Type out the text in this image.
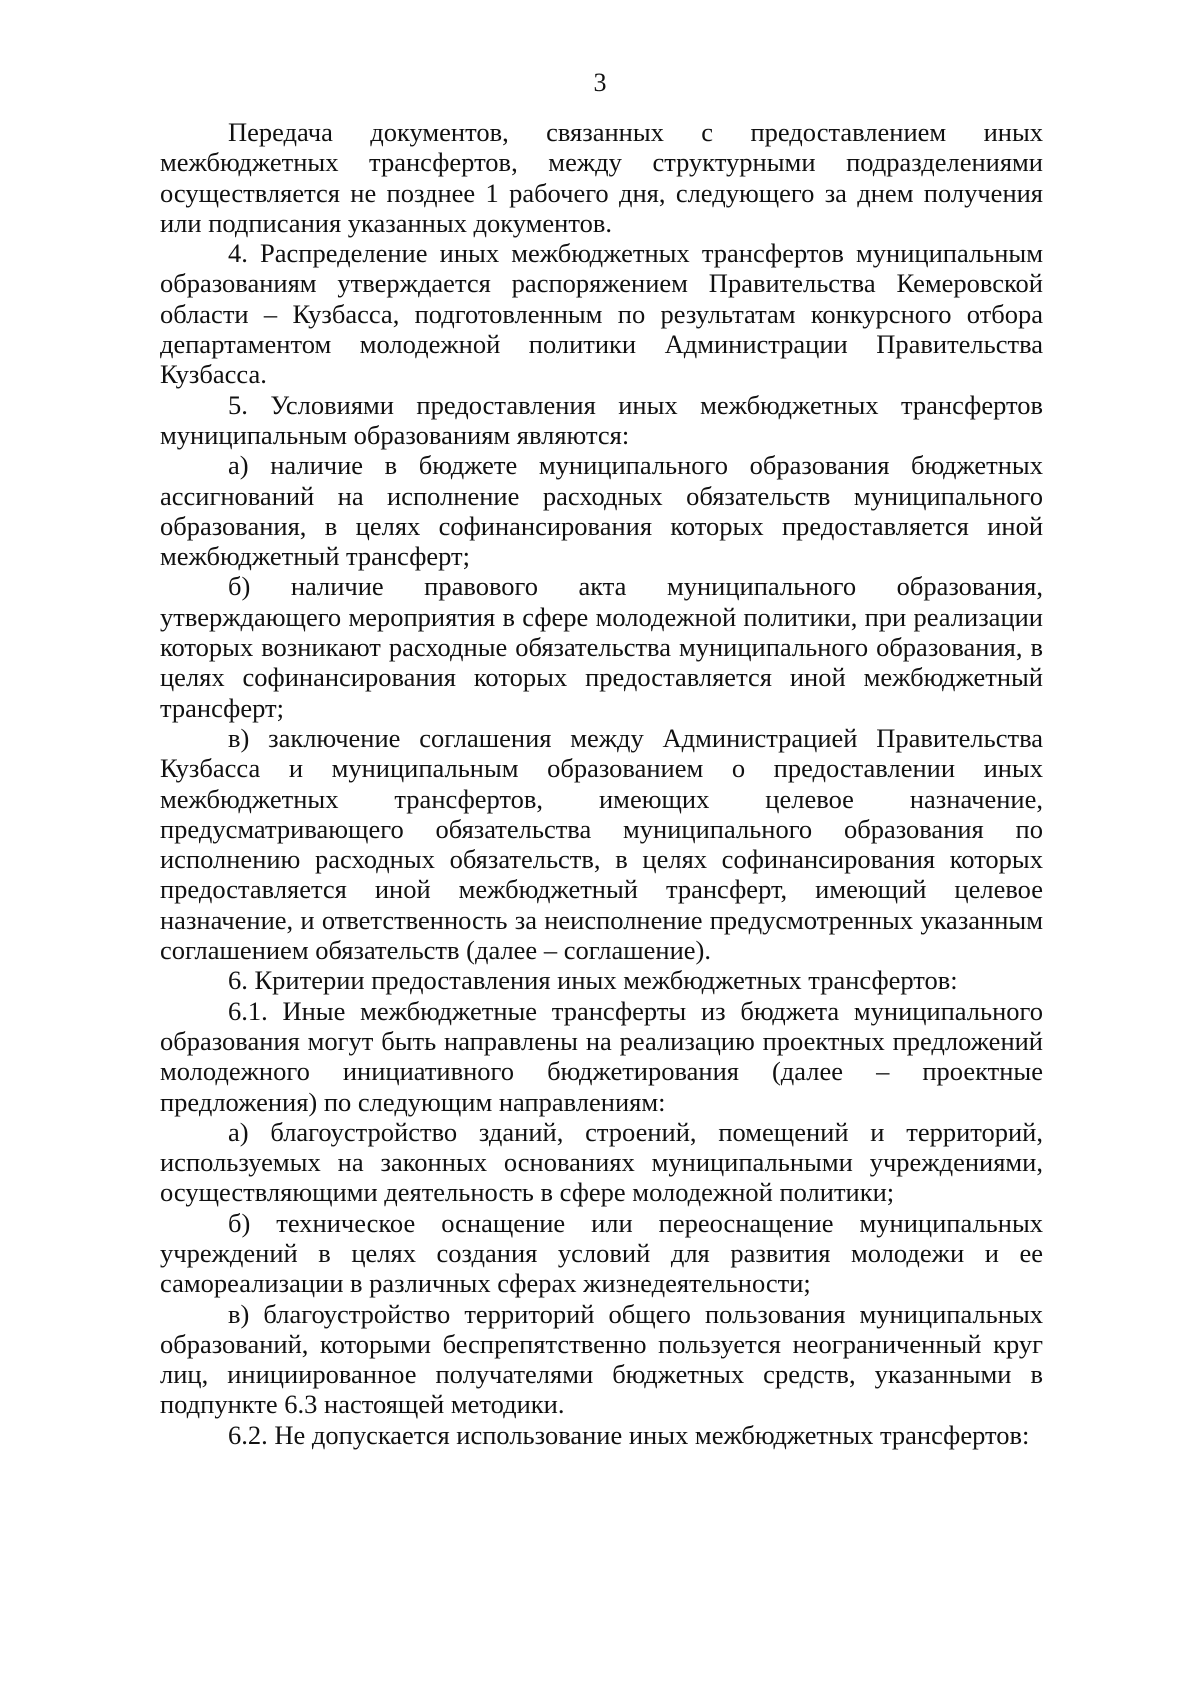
3

Передача документов, связанных с предоставлением иных межбюджетных трансфертов, между структурными подразделениями осуществляется не позднее 1 рабочего дня, следующего за днем получения или подписания указанных документов.

4. Распределение иных межбюджетных трансфертов муниципальным образованиям утверждается распоряжением Правительства Кемеровской области – Кузбасса, подготовленным по результатам конкурсного отбора департаментом молодежной политики Администрации Правительства Кузбасса.

5. Условиями предоставления иных межбюджетных трансфертов муниципальным образованиям являются:

а) наличие в бюджете муниципального образования бюджетных ассигнований на исполнение расходных обязательств муниципального образования, в целях софинансирования которых предоставляется иной межбюджетный трансферт;

б) наличие правового акта муниципального образования, утверждающего мероприятия в сфере молодежной политики, при реализации которых возникают расходные обязательства муниципального образования, в целях софинансирования которых предоставляется иной межбюджетный трансферт;

в) заключение соглашения между Администрацией Правительства Кузбасса и муниципальным образованием о предоставлении иных межбюджетных трансфертов, имеющих целевое назначение, предусматривающего обязательства муниципального образования по исполнению расходных обязательств, в целях софинансирования которых предоставляется иной межбюджетный трансферт, имеющий целевое назначение, и ответственность за неисполнение предусмотренных указанным соглашением обязательств (далее – соглашение).

6. Критерии предоставления иных межбюджетных трансфертов:

6.1. Иные межбюджетные трансферты из бюджета муниципального образования могут быть направлены на реализацию проектных предложений молодежного инициативного бюджетирования (далее – проектные предложения) по следующим направлениям:

а) благоустройство зданий, строений, помещений и территорий, используемых на законных основаниях муниципальными учреждениями, осуществляющими деятельность в сфере молодежной политики;

б) техническое оснащение или переоснащение муниципальных учреждений в целях создания условий для развития молодежи и ее самореализации в различных сферах жизнедеятельности;

в) благоустройство территорий общего пользования муниципальных образований, которыми беспрепятственно пользуется неограниченный круг лиц, инициированное получателями бюджетных средств, указанными в подпункте 6.3 настоящей методики.

6.2. Не допускается использование иных межбюджетных трансфертов:
